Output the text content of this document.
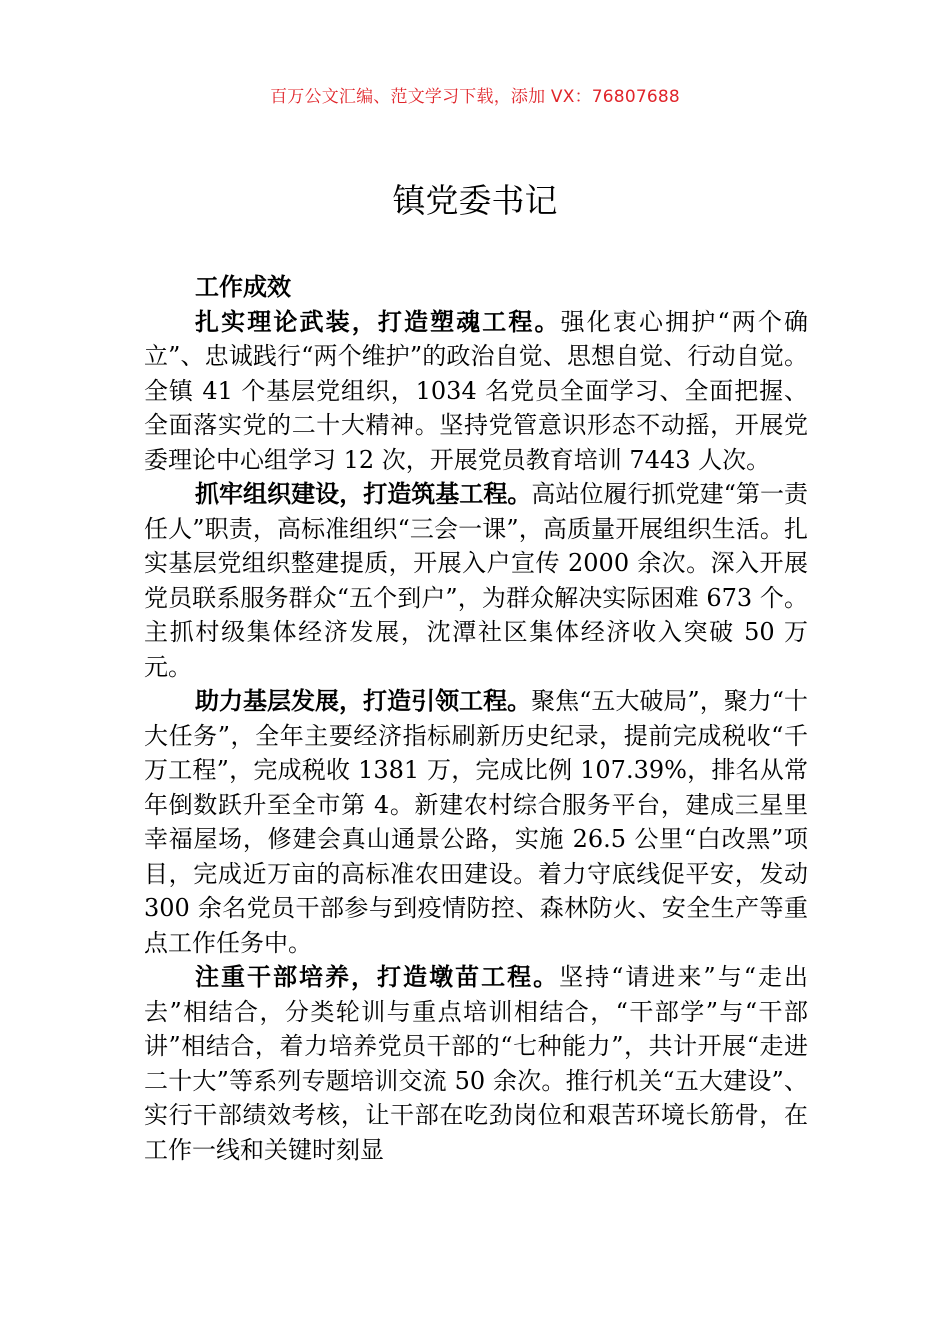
百万公文汇编、范文学习下载，添加 VX：76807688
镇党委书记

工作成效

扎实理论武装，打造塑魂工程。强化衷心拥护“两个确立”、忠诚践行“两个维护”的政治自觉、思想自觉、行动自觉。全镇 41 个基层党组织，1034 名党员全面学习、全面把握、全面落实党的二十大精神。坚持党管意识形态不动摇，开展党委理论中心组学习 12 次，开展党员教育培训 7443 人次。

抓牢组织建设，打造筑基工程。高站位履行抓党建“第一责任人”职责，高标准组织“三会一课”，高质量开展组织生活。扎实基层党组织整建提质，开展入户宣传 2000 余次。深入开展党员联系服务群众“五个到户”，为群众解决实际困难 673 个。主抓村级集体经济发展，沈潭社区集体经济收入突破 50 万元。

助力基层发展，打造引领工程。聚焦“五大破局”，聚力“十大任务”，全年主要经济指标刷新历史纪录，提前完成税收“千万工程”，完成税收 1381 万，完成比例 107.39%，排名从常年倒数跃升至全市第 4。新建农村综合服务平台，建成三星里幸福屋场，修建会真山通景公路，实施 26.5 公里“白改黑”项目，完成近万亩的高标准农田建设。着力守底线促平安，发动 300 余名党员干部参与到疫情防控、森林防火、安全生产等重点工作任务中。

注重干部培养，打造墩苗工程。坚持“请进来”与“走出去”相结合，分类轮训与重点培训相结合，“干部学”与“干部讲”相结合，着力培养党员干部的“七种能力”，共计开展“走进二十大”等系列专题培训交流 50 余次。推行机关“五大建设”、实行干部绩效考核，让干部在吃劲岗位和艰苦环境长筋骨，在工作一线和关键时刻显
